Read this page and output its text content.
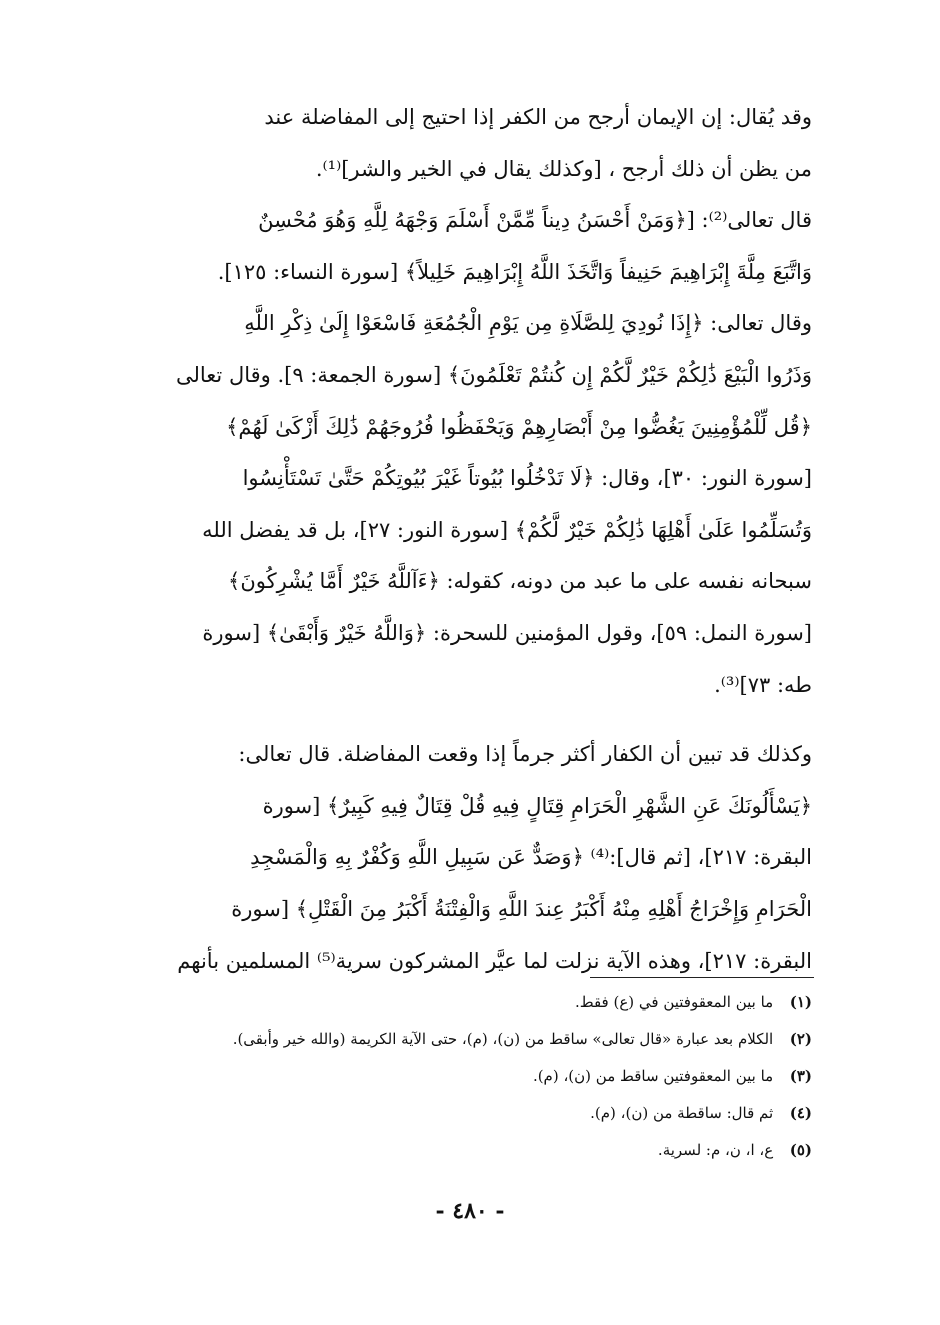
وقد يُقال: إن الإيمان أرجح من الكفر إذا احتيج إلى المفاضلة عند
من يظن أن ذلك أرجح ، [وكذلك يقال في الخير والشر]⁽¹⁾.
قال تعالى⁽²⁾: [﴿وَمَنْ أَحْسَنُ دِيناً مِّمَّنْ أَسْلَمَ وَجْهَهُ لِلَّهِ وَهُوَ مُحْسِنٌ
وَاتَّبَعَ مِلَّةَ إِبْرَاهِيمَ حَنِيفاً وَاتَّخَذَ اللَّهُ إِبْرَاهِيمَ خَلِيلاً﴾ [سورة النساء: ١٢٥].
وقال تعالى: ﴿إِذَا نُودِيَ لِلصَّلَاةِ مِن يَوْمِ الْجُمُعَةِ فَاسْعَوْا إِلَىٰ ذِكْرِ اللَّهِ
وَذَرُوا الْبَيْعَ ذَٰلِكُمْ خَيْرٌ لَّكُمْ إِن كُنتُمْ تَعْلَمُونَ﴾ [سورة الجمعة: ٩]. وقال تعالى
﴿قُل لِّلْمُؤْمِنِينَ يَغُضُّوا مِنْ أَبْصَارِهِمْ وَيَحْفَظُوا فُرُوجَهُمْ ذَٰلِكَ أَزْكَىٰ لَهُمْ﴾
[سورة النور: ٣٠]، وقال: ﴿لَا تَدْخُلُوا بُيُوتاً غَيْرَ بُيُوتِكُمْ حَتَّىٰ تَسْتَأْنِسُوا
وَتُسَلِّمُوا عَلَىٰ أَهْلِهَا ذَٰلِكُمْ خَيْرٌ لَّكُمْ﴾ [سورة النور: ٢٧]، بل قد يفضل الله
سبحانه نفسه على ما عبد من دونه، كقوله: ﴿ءَآللَّهُ خَيْرٌ أَمَّا يُشْرِكُونَ﴾
[سورة النمل: ٥٩]، وقول المؤمنين للسحرة: ﴿وَاللَّهُ خَيْرٌ وَأَبْقَىٰ﴾ [سورة
طه: ٧٣]⁽³⁾.
وكذلك قد تبين أن الكفار أكثر جرماً إذا وقعت المفاضلة. قال تعالى:
﴿يَسْأَلُونَكَ عَنِ الشَّهْرِ الْحَرَامِ قِتَالٍ فِيهِ قُلْ قِتَالٌ فِيهِ كَبِيرٌ﴾ [سورة
البقرة: ٢١٧]، [ثم قال]:⁽⁴⁾ ﴿وَصَدٌّ عَن سَبِيلِ اللَّهِ وَكُفْرٌ بِهِ وَالْمَسْجِدِ
الْحَرَامِ وَإِخْرَاجُ أَهْلِهِ مِنْهُ أَكْبَرُ عِندَ اللَّهِ وَالْفِتْنَةُ أَكْبَرُ مِنَ الْقَتْلِ﴾ [سورة
البقرة: ٢١٧]، وهذه الآية نزلت لما عيَّر المشركون سرية⁽⁵⁾ المسلمين بأنهم
(١) ما بين المعقوفتين في (ع) فقط.
(٢) الكلام بعد عبارة «قال تعالى» ساقط من (ن)، (م)، حتى الآية الكريمة (والله خير وأبقى).
(٣) ما بين المعقوفتين ساقط من (ن)، (م).
(٤) ثم قال: ساقطة من (ن)، (م).
(٥) ع، ا، ن، م: لسرية.
- ٤٨٠ -
